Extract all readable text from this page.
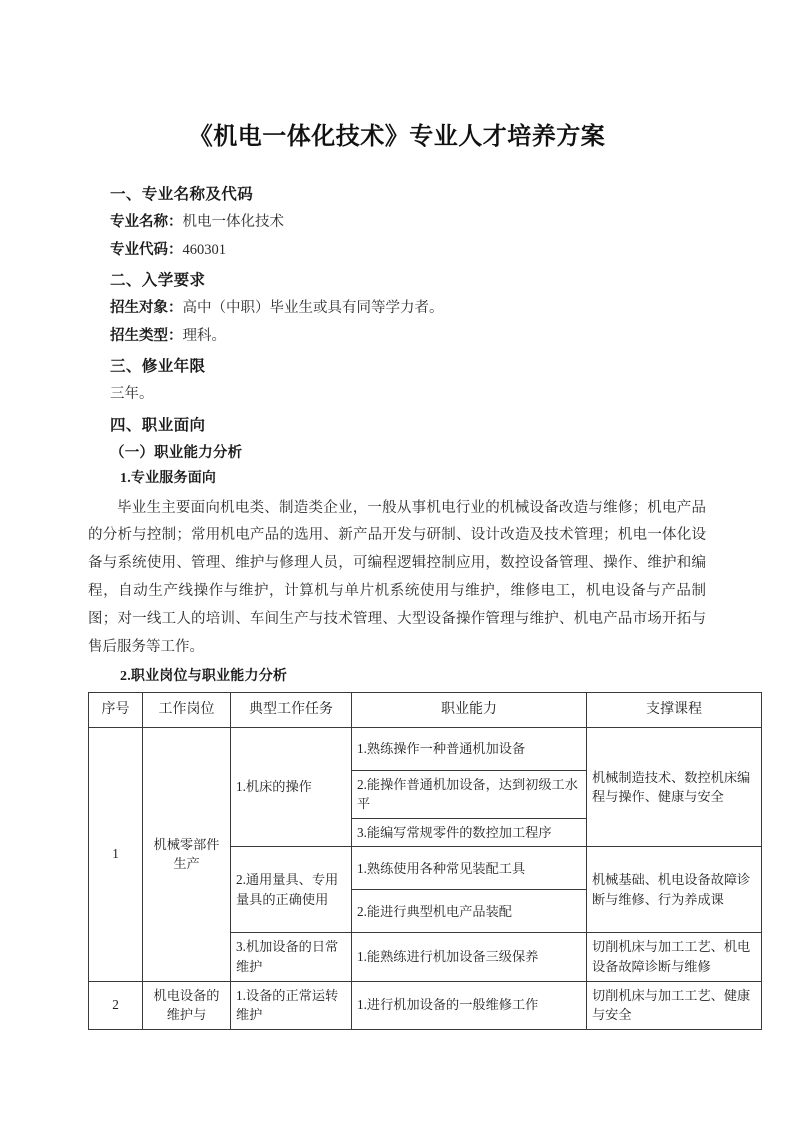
《机电一体化技术》专业人才培养方案
一、专业名称及代码

专业名称：机电一体化技术

专业代码：460301

二、入学要求

招生对象：高中（中职）毕业生或具有同等学力者。

招生类型：理科。

三、修业年限

三年。

四、职业面向
（一）职业能力分析
1.专业服务面向

毕业生主要面向机电类、制造类企业，一般从事机电行业的机械设备改造与维修；机电产品的分析与控制；常用机电产品的选用、新产品开发与研制、设计改造及技术管理；机电一体化设备与系统使用、管理、维护与修理人员，可编程逻辑控制应用，数控设备管理、操作、维护和编程，自动生产线操作与维护，计算机与单片机系统使用与维护，维修电工，机电设备与产品制图；对一线工人的培训、车间生产与技术管理、大型设备操作管理与维护、机电产品市场开拓与售后服务等工作。

2.职业岗位与职业能力分析
序号	工作岗位	典型工作任务	职业能力	支撑课程
1	机械零部件生产	1.机床的操作	1.熟练操作一种普通机加设备	机械制造技术、数控机床编程与操作、健康与安全
			2.能操作普通机加设备，达到初级工水平	
			3.能编写常规零件的数控加工程序	
		2.通用量具、专用量具的正确使用	1.熟练使用各种常见装配工具	机械基础、机电设备故障诊断与维修、行为养成课
			2.能进行典型机电产品装配	
		3.机加设备的日常维护	1.能熟练进行机加设备三级保养	切削机床与加工工艺、机电设备故障诊断与维修
2	机电设备的维护与	1.设备的正常运转维护	1.进行机加设备的一般维修工作	切削机床与加工工艺、健康与安全
